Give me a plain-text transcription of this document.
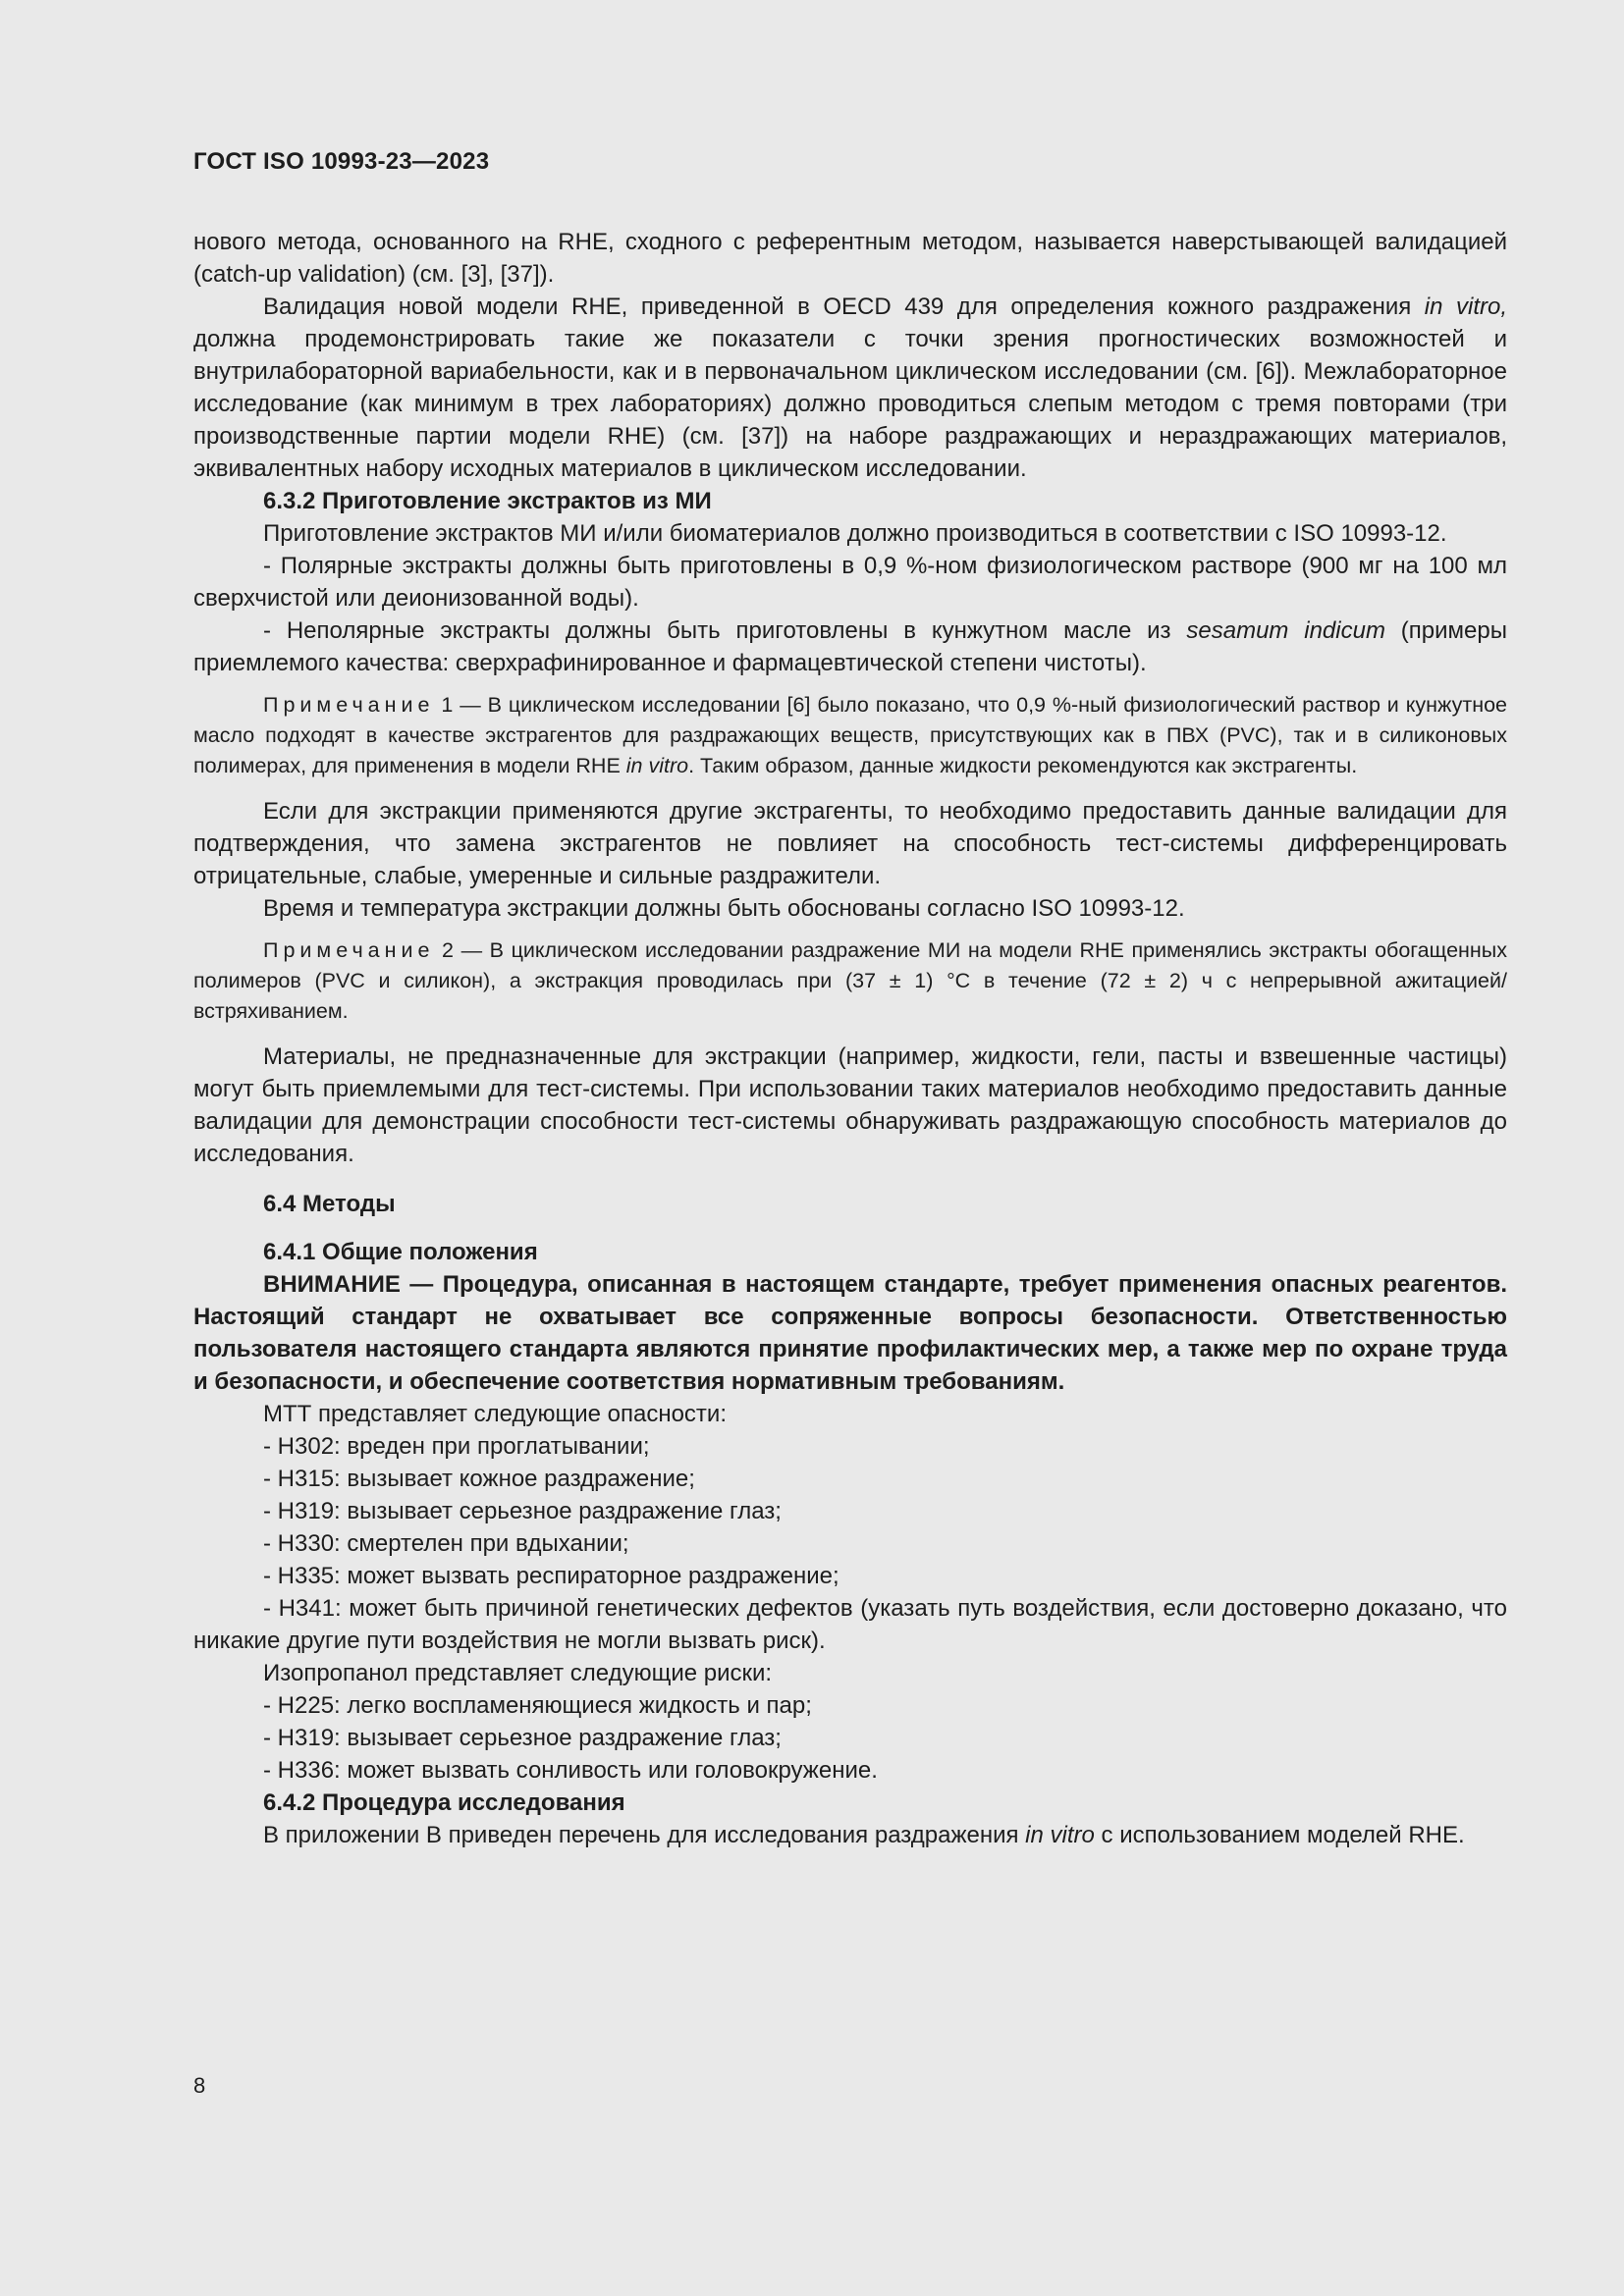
ГОСТ ISO 10993-23—2023

нового метода, основанного на RHE, сходного с референтным методом, называется наверстывающей валидацией (catch-up validation) (см. [3], [37]).

Валидация новой модели RHE, приведенной в OECD 439 для определения кожного раздражения in vitro, должна продемонстрировать такие же показатели с точки зрения прогностических возможностей и внутрилабораторной вариабельности, как и в первоначальном циклическом исследовании (см. [6]). Межлабораторное исследование (как минимум в трех лабораториях) должно проводиться слепым методом с тремя повторами (три производственные партии модели RHE) (см. [37]) на наборе раздражающих и нераздражающих материалов, эквивалентных набору исходных материалов в циклическом исследовании.

6.3.2 Приготовление экстрактов из МИ

Приготовление экстрактов МИ и/или биоматериалов должно производиться в соответствии с ISO 10993-12.

- Полярные экстракты должны быть приготовлены в 0,9 %-ном физиологическом растворе (900 мг на 100 мл сверхчистой или деионизованной воды).

- Неполярные экстракты должны быть приготовлены в кунжутном масле из sesamum indicum (примеры приемлемого качества: сверхрафинированное и фармацевтической степени чистоты).

Примечание 1 — В циклическом исследовании [6] было показано, что 0,9 %-ный физиологический раствор и кунжутное масло подходят в качестве экстрагентов для раздражающих веществ, присутствующих как в ПВХ (PVC), так и в силиконовых полимерах, для применения в модели RHE in vitro. Таким образом, данные жидкости рекомендуются как экстрагенты.

Если для экстракции применяются другие экстрагенты, то необходимо предоставить данные валидации для подтверждения, что замена экстрагентов не повлияет на способность тест-системы дифференцировать отрицательные, слабые, умеренные и сильные раздражители.

Время и температура экстракции должны быть обоснованы согласно ISO 10993-12.

Примечание 2 — В циклическом исследовании раздражение МИ на модели RHE применялись экстракты обогащенных полимеров (PVC и силикон), а экстракция проводилась при (37 ± 1) °С в течение (72 ± 2) ч с непрерывной ажитацией/встряхиванием.

Материалы, не предназначенные для экстракции (например, жидкости, гели, пасты и взвешенные частицы) могут быть приемлемыми для тест-системы. При использовании таких материалов необходимо предоставить данные валидации для демонстрации способности тест-системы обнаруживать раздражающую способность материалов до исследования.

6.4 Методы

6.4.1 Общие положения

ВНИМАНИЕ — Процедура, описанная в настоящем стандарте, требует применения опасных реагентов. Настоящий стандарт не охватывает все сопряженные вопросы безопасности. Ответственностью пользователя настоящего стандарта являются принятие профилактических мер, а также мер по охране труда и безопасности, и обеспечение соответствия нормативным требованиям.

МТТ представляет следующие опасности:

- Н302: вреден при проглатывании;

- Н315: вызывает кожное раздражение;

- Н319: вызывает серьезное раздражение глаз;

- Н330: смертелен при вдыхании;

- Н335: может вызвать респираторное раздражение;

- Н341: может быть причиной генетических дефектов (указать путь воздействия, если достоверно доказано, что никакие другие пути воздействия не могли вызвать риск).

Изопропанол представляет следующие риски:

- Н225: легко воспламеняющиеся жидкость и пар;

- Н319: вызывает серьезное раздражение глаз;

- Н336: может вызвать сонливость или головокружение.

6.4.2 Процедура исследования

В приложении В приведен перечень для исследования раздражения in vitro с использованием моделей RHE.

8
